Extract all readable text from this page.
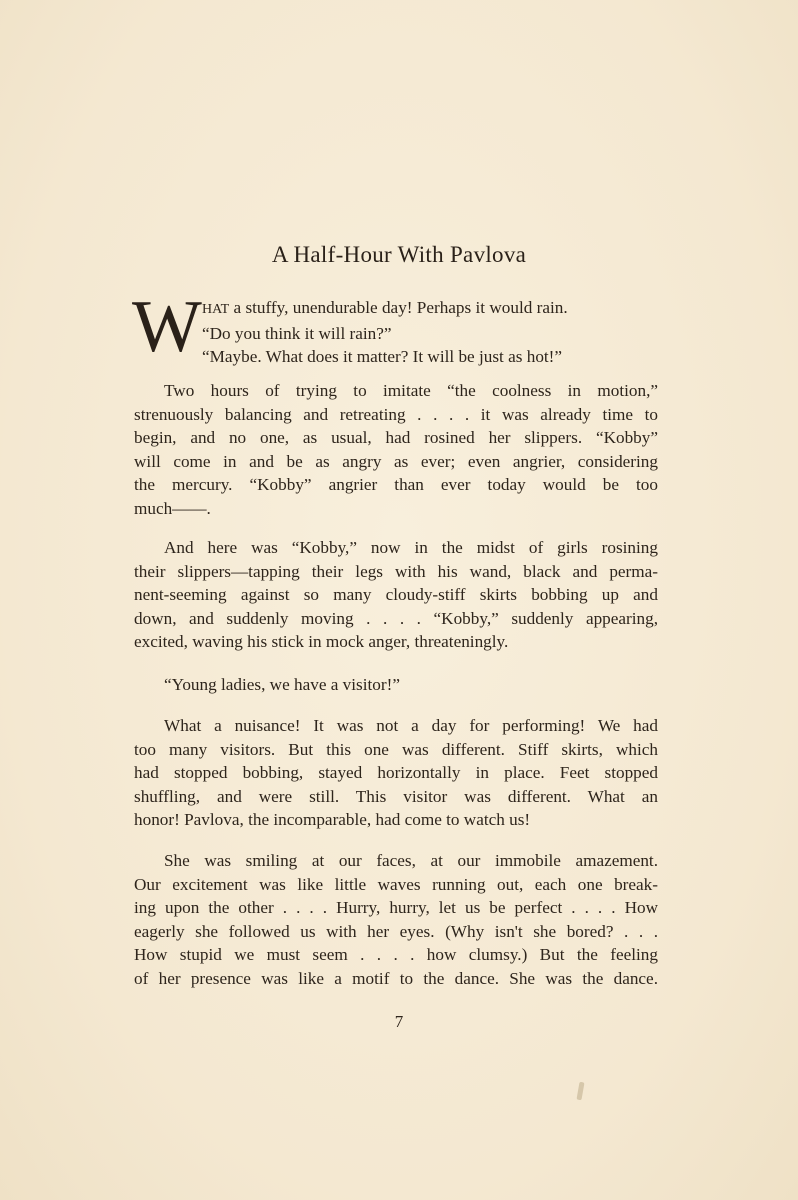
A Half-Hour With Pavlova
W HAT a stuffy, unendurable day! Perhaps it would rain.
“Do you think it will rain?”
“Maybe. What does it matter? It will be just as hot!”
Two hours of trying to imitate “the coolness in motion,”
strenuously balancing and retreating . . . . it was already time to
begin, and no one, as usual, had rosined her slippers. “Kobby”
will come in and be as angry as ever; even angrier, considering
the mercury. “Kobby” angrier than ever today would be too
much——.
And here was “Kobby,” now in the midst of girls rosining
their slippers—tapping their legs with his wand, black and perma-
nent-seeming against so many cloudy-stiff skirts bobbing up and
down, and suddenly moving . . . . “Kobby,” suddenly appearing,
excited, waving his stick in mock anger, threateningly.
“Young ladies, we have a visitor!”
What a nuisance! It was not a day for performing! We had
too many visitors. But this one was different. Stiff skirts, which
had stopped bobbing, stayed horizontally in place. Feet stopped
shuffling, and were still. This visitor was different. What an
honor! Pavlova, the incomparable, had come to watch us!
She was smiling at our faces, at our immobile amazement.
Our excitement was like little waves running out, each one break-
ing upon the other . . . . Hurry, hurry, let us be perfect . . . . How
eagerly she followed us with her eyes. (Why isn't she bored? . . .
How stupid we must seem . . . . how clumsy.) But the feeling
of her presence was like a motif to the dance. She was the dance.
7
